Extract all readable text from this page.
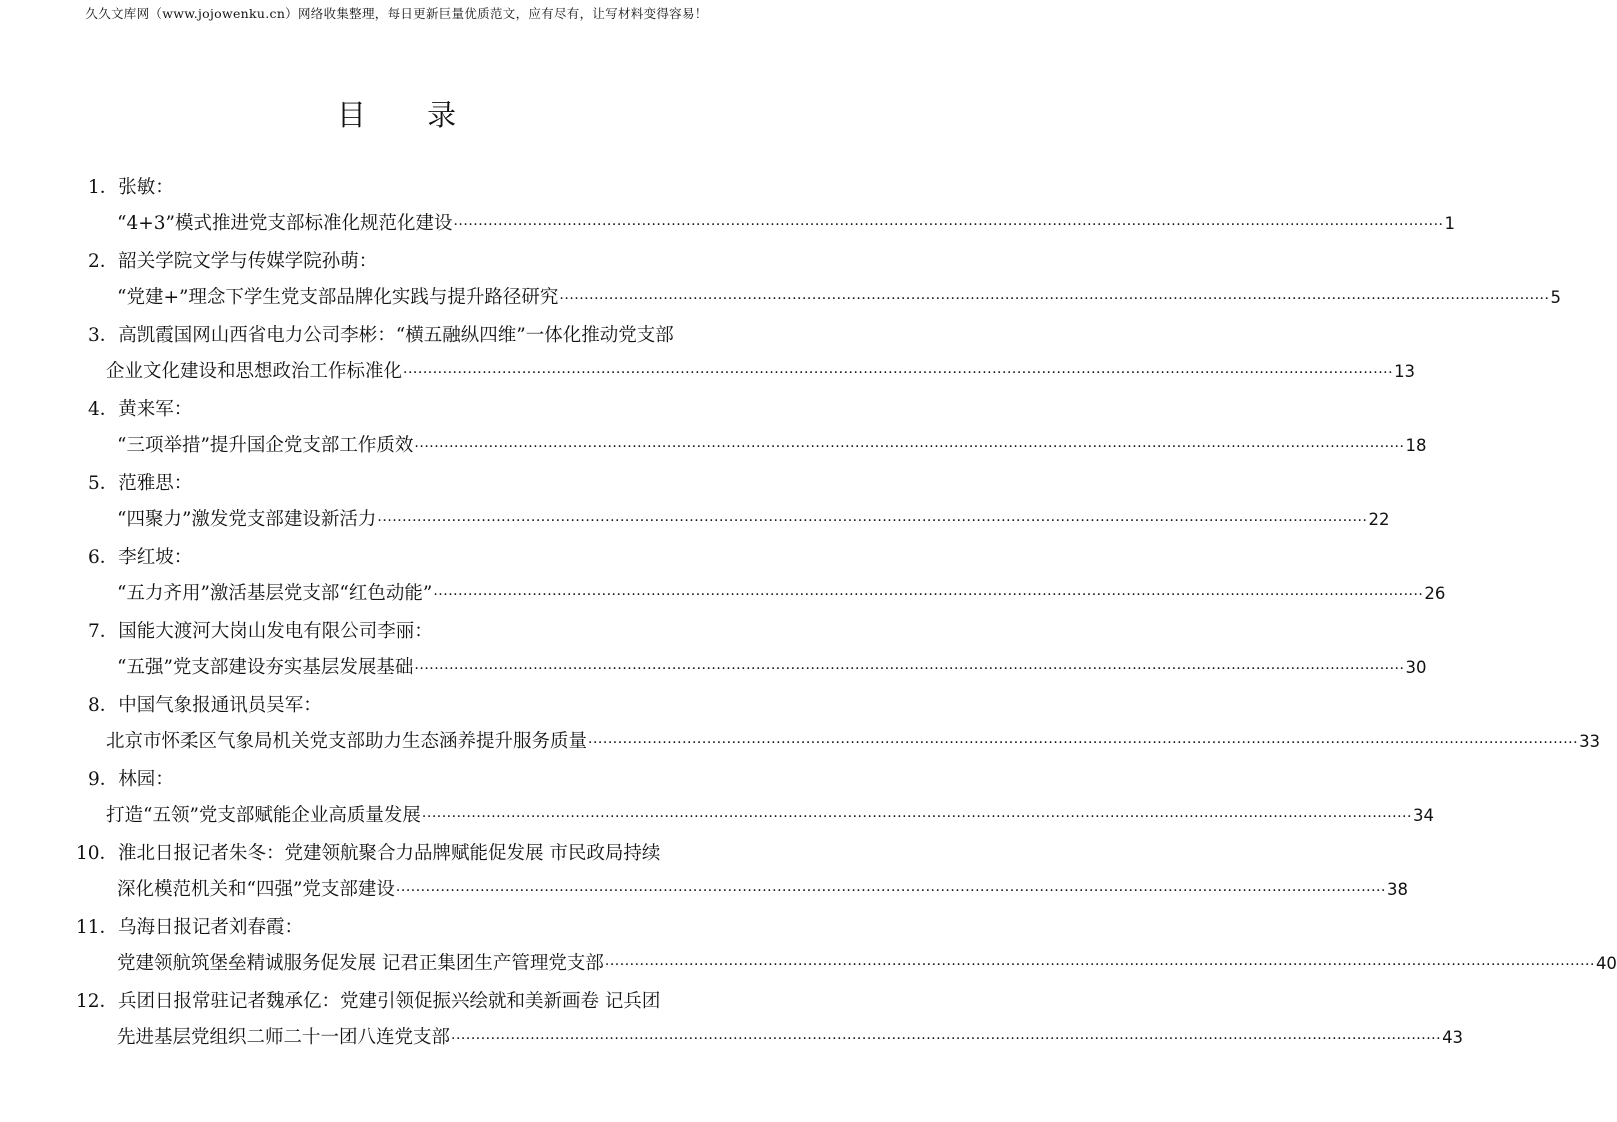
久久文库网（www.jojowenku.cn）网络收集整理，每日更新巨量优质范文，应有尽有，让写材料变得容易！
目 录
1．张敏：
“4+3”模式推进党支部标准化规范化建设 ········································································································································································································ 1
2．韶关学院文学与传媒学院孙萌：
“党建+”理念下学生党支部品牌化实践与提升路径研究 ········································································································································································································ 5
3．高凯霞国网山西省电力公司李彬：“横五融纵四维”一体化推动党支部
企业文化建设和思想政治工作标准化 ········································································································································································································ 13
4．黄来军：
“三项举措”提升国企党支部工作质效 ········································································································································································································ 18
5．范雅思：
“四聚力”激发党支部建设新活力 ········································································································································································································ 22
6．李红坡：
“五力齐用”激活基层党支部“红色动能” ········································································································································································································ 26
7．国能大渡河大岗山发电有限公司李丽：
“五强”党支部建设夯实基层发展基础 ········································································································································································································ 30
8．中国气象报通讯员吴军：
北京市怀柔区气象局机关党支部助力生态涵养提升服务质量 ········································································································································································································ 33
9．林园：
打造“五领”党支部赋能企业高质量发展 ········································································································································································································ 34
10．淮北日报记者朱冬：党建领航聚合力品牌赋能促发展 市民政局持续
深化模范机关和“四强”党支部建设 ········································································································································································································ 38
11．乌海日报记者刘春霞：
党建领航筑堡垒精诚服务促发展 记君正集团生产管理党支部 ········································································································································································································ 40
12．兵团日报常驻记者魏承亿：党建引领促振兴绘就和美新画卷 记兵团
先进基层党组织二师二十一团八连党支部 ········································································································································································································ 43
